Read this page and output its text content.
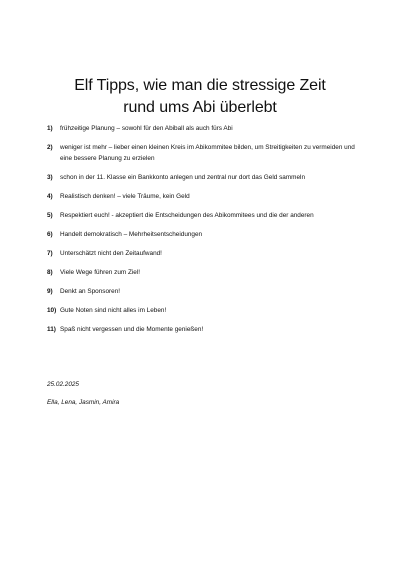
Elf Tipps, wie man die stressige Zeit
rund ums Abi überlebt
1) frühzeitige Planung – sowohl für den Abiball als auch fürs Abi
2) weniger ist mehr – lieber einen kleinen Kreis im Abikommitee bilden, um Streitigkeiten zu vermeiden und eine bessere Planung zu erzielen
3) schon in der 11. Klasse ein Bankkonto anlegen und zentral nur dort das Geld sammeln
4) Realistisch denken! – viele Träume, kein Geld
5) Respektiert euch! - akzeptiert die Entscheidungen des Abikommitees und die der anderen
6) Handelt demokratisch – Mehrheitsentscheidungen
7) Unterschätzt nicht den Zeitaufwand!
8) Viele Wege führen zum Ziel!
9) Denkt an Sponsoren!
10) Gute Noten sind nicht alles im Leben!
11) Spaß nicht vergessen und die Momente genießen!
25.02.2025
Ella, Lena, Jasmin, Amira
